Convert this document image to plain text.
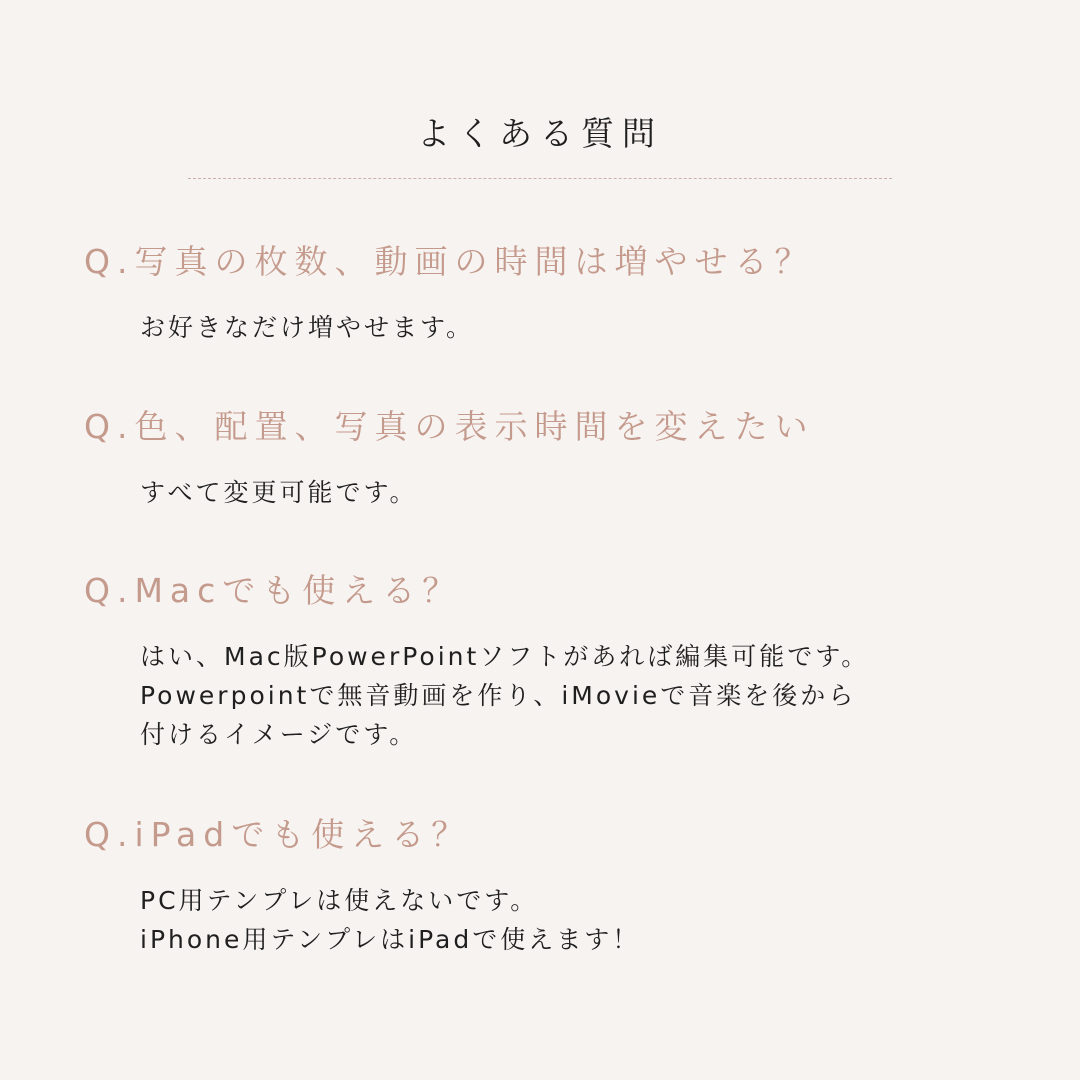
よくある質問
Q.写真の枚数、動画の時間は増やせる？
お好きなだけ増やせます。
Q.色、配置、写真の表示時間を変えたい
すべて変更可能です。
Q.Macでも使える？
はい、Mac版PowerPointソフトがあれば編集可能です。
Powerpointで無音動画を作り、iMovieで音楽を後から
付けるイメージです。
Q.iPadでも使える？
PC用テンプレは使えないです。
iPhone用テンプレはiPadで使えます！
